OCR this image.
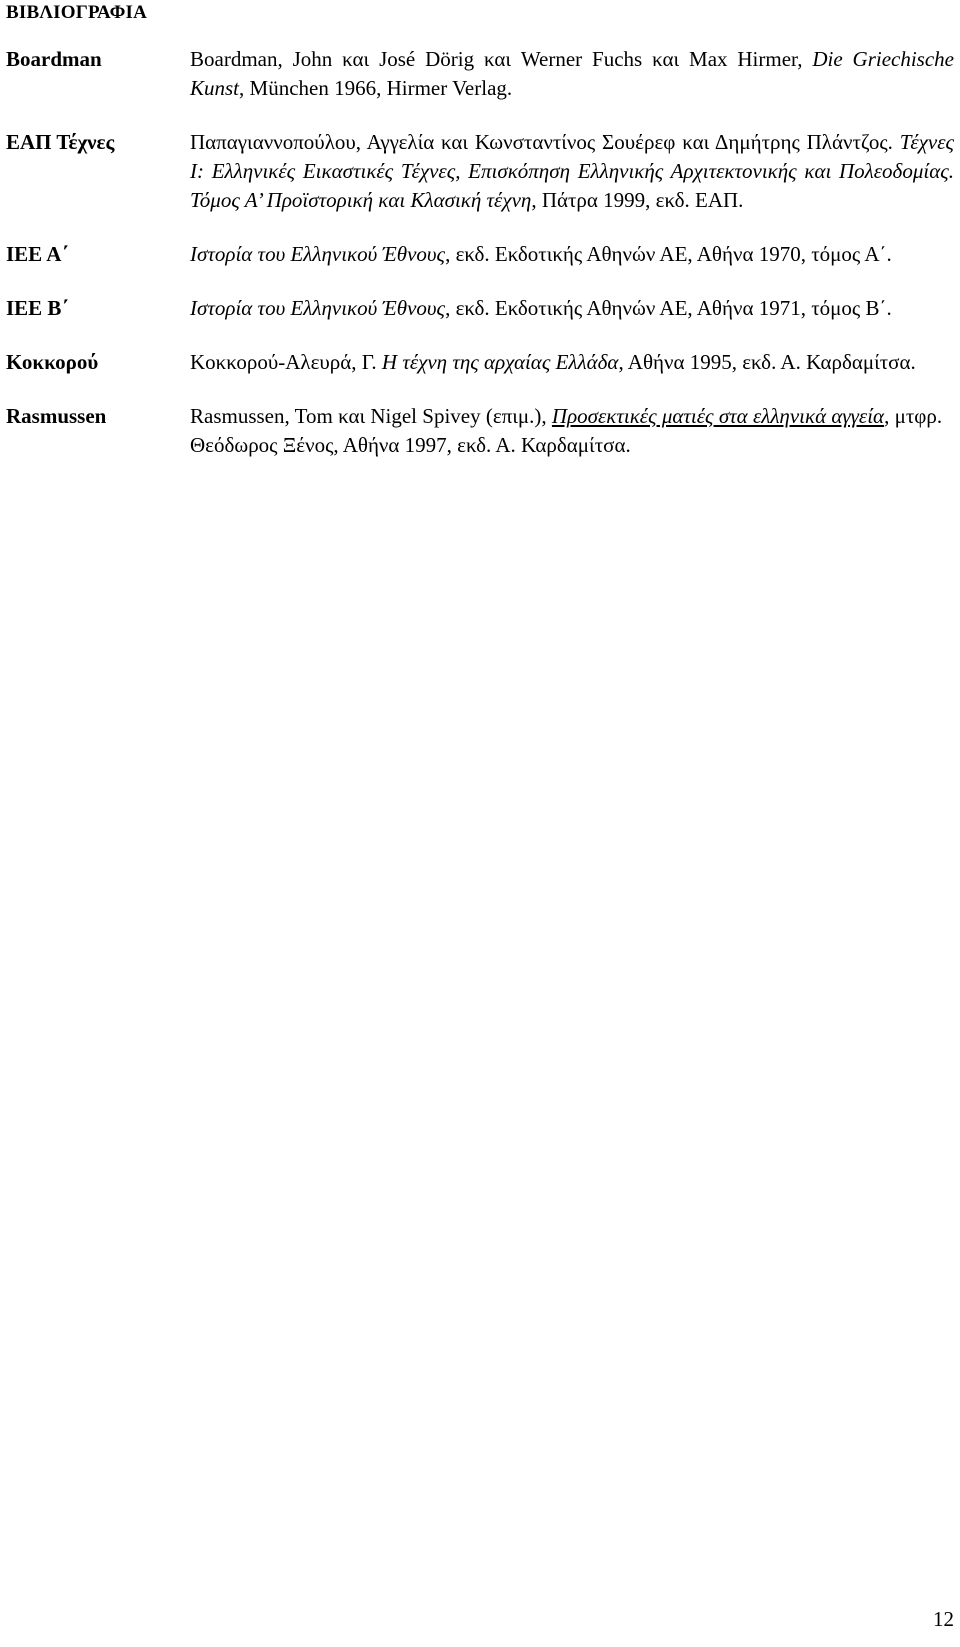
ΒΙΒΛΙΟΓΡΑΦΙΑ
Boardman	Boardman, John και José Dörig και Werner Fuchs και Max Hirmer, Die Griechische Kunst, München 1966, Hirmer Verlag.
ΕΑΠ Τέχνες	Παπαγιαννοπούλου, Αγγελία και Κωνσταντίνος Σουέρεφ και Δημήτρης Πλάντζος. Τέχνες Ι: Ελληνικές Εικαστικές Τέχνες, Επισκόπηση Ελληνικής Αρχιτεκτονικής και Πολεοδομίας. Τόμος Α’ Προϊστορική και Κλασική τέχνη, Πάτρα 1999, εκδ. ΕΑΠ.
ΙΕΕ Α΄	Ιστορία του Ελληνικού Έθνους, εκδ. Εκδοτικής Αθηνών ΑΕ, Αθήνα 1970, τόμος Α΄.
ΙΕΕ Β΄	Ιστορία του Ελληνικού Έθνους, εκδ. Εκδοτικής Αθηνών ΑΕ, Αθήνα 1971, τόμος Β΄.
Κοκκορού	Κοκκορού-Αλευρά, Γ. Η τέχνη της αρχαίας Ελλάδα, Αθήνα 1995, εκδ. Α. Καρδαμίτσα.
Rasmussen	Rasmussen, Tom και Nigel Spivey (επιμ.), Προσεκτικές ματιές στα ελληνικά αγγεία, μτφρ. Θεόδωρος Ξένος, Αθήνα 1997, εκδ. Α. Καρδαμίτσα.
12
